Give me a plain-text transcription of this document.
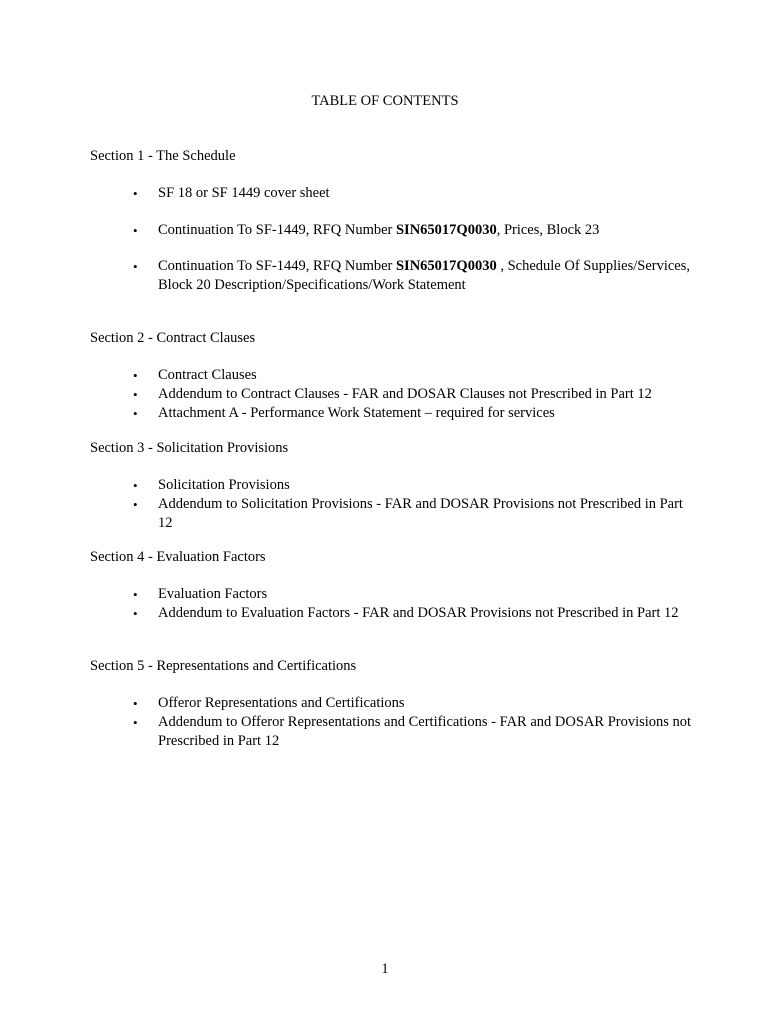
TABLE OF CONTENTS
Section 1 - The Schedule
• SF 18 or SF 1449 cover sheet
• Continuation To SF-1449, RFQ Number SIN65017Q0030, Prices, Block 23
• Continuation To SF-1449, RFQ Number SIN65017Q0030 , Schedule Of Supplies/Services, Block 20 Description/Specifications/Work Statement
Section 2 - Contract Clauses
• Contract Clauses
• Addendum to Contract Clauses - FAR and DOSAR Clauses not Prescribed in Part 12
• Attachment A - Performance Work Statement – required for services
Section 3 - Solicitation Provisions
• Solicitation Provisions
• Addendum to Solicitation Provisions - FAR and DOSAR Provisions not Prescribed in Part 12
Section 4 - Evaluation Factors
• Evaluation Factors
• Addendum to Evaluation Factors - FAR and DOSAR Provisions not Prescribed in Part 12
Section 5 - Representations and Certifications
• Offeror Representations and Certifications
• Addendum to Offeror Representations and Certifications - FAR and DOSAR Provisions not Prescribed in Part 12
1
